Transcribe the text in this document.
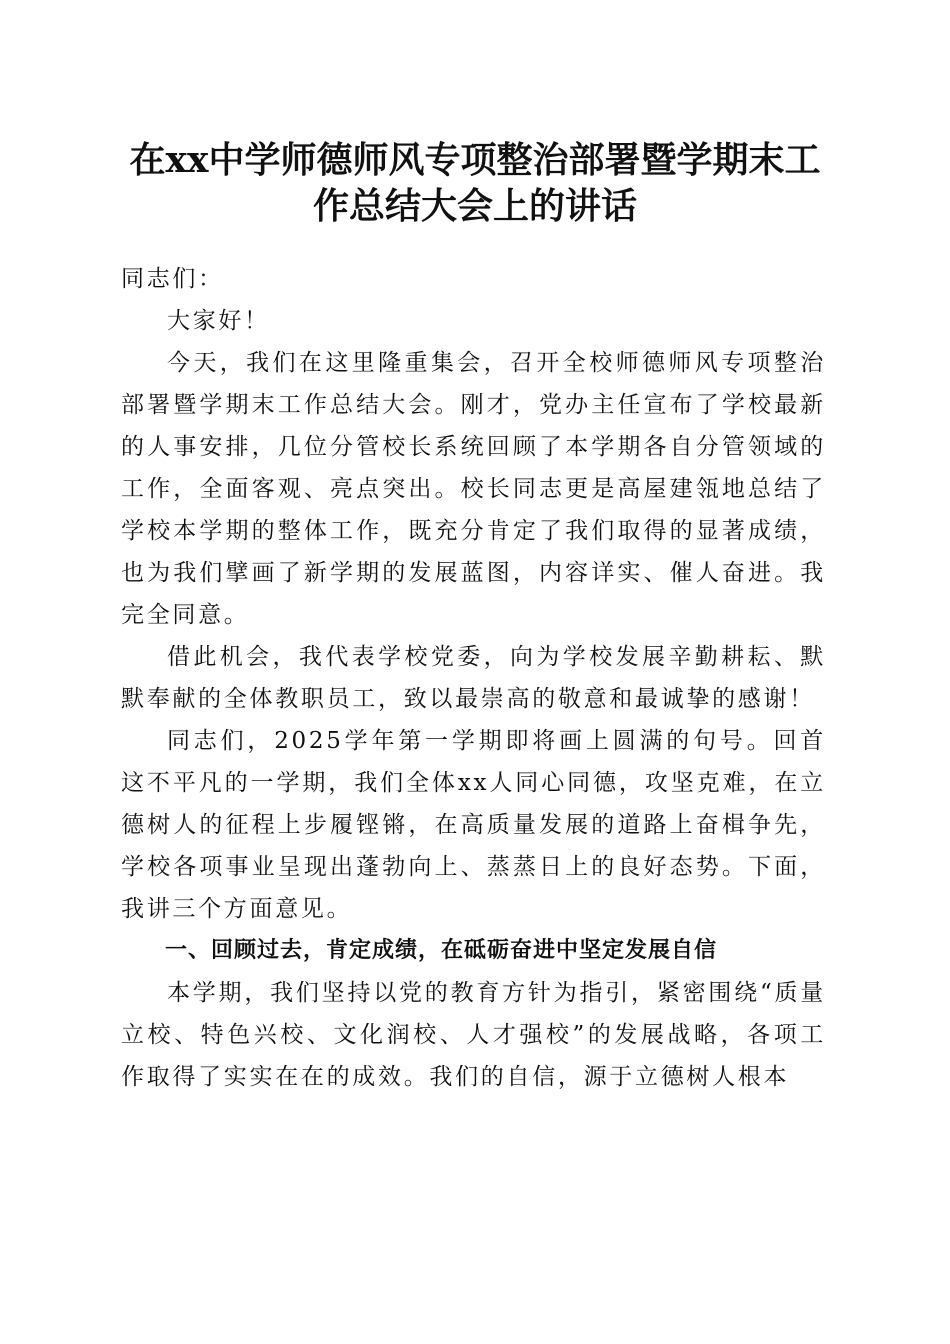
在xx中学师德师风专项整治部署暨学期末工
作总结大会上的讲话

同志们：

大家好！

今天，我们在这里隆重集会，召开全校师德师风专项整治部署暨学期末工作总结大会。刚才，党办主任宣布了学校最新的人事安排，几位分管校长系统回顾了本学期各自分管领域的工作，全面客观、亮点突出。校长同志更是高屋建瓴地总结了学校本学期的整体工作，既充分肯定了我们取得的显著成绩，也为我们擘画了新学期的发展蓝图，内容详实、催人奋进。我完全同意。

借此机会，我代表学校党委，向为学校发展辛勤耕耘、默默奉献的全体教职员工，致以最崇高的敬意和最诚挚的感谢！

同志们，2025学年第一学期即将画上圆满的句号。回首这不平凡的一学期，我们全体xx人同心同德，攻坚克难，在立德树人的征程上步履铿锵，在高质量发展的道路上奋楫争先，学校各项事业呈现出蓬勃向上、蒸蒸日上的良好态势。下面，我讲三个方面意见。

一、回顾过去，肯定成绩，在砥砺奋进中坚定发展自信

本学期，我们坚持以党的教育方针为指引，紧密围绕“质量立校、特色兴校、文化润校、人才强校”的发展战略，各项工作取得了实实在在的成效。我们的自信，源于立德树人根本
